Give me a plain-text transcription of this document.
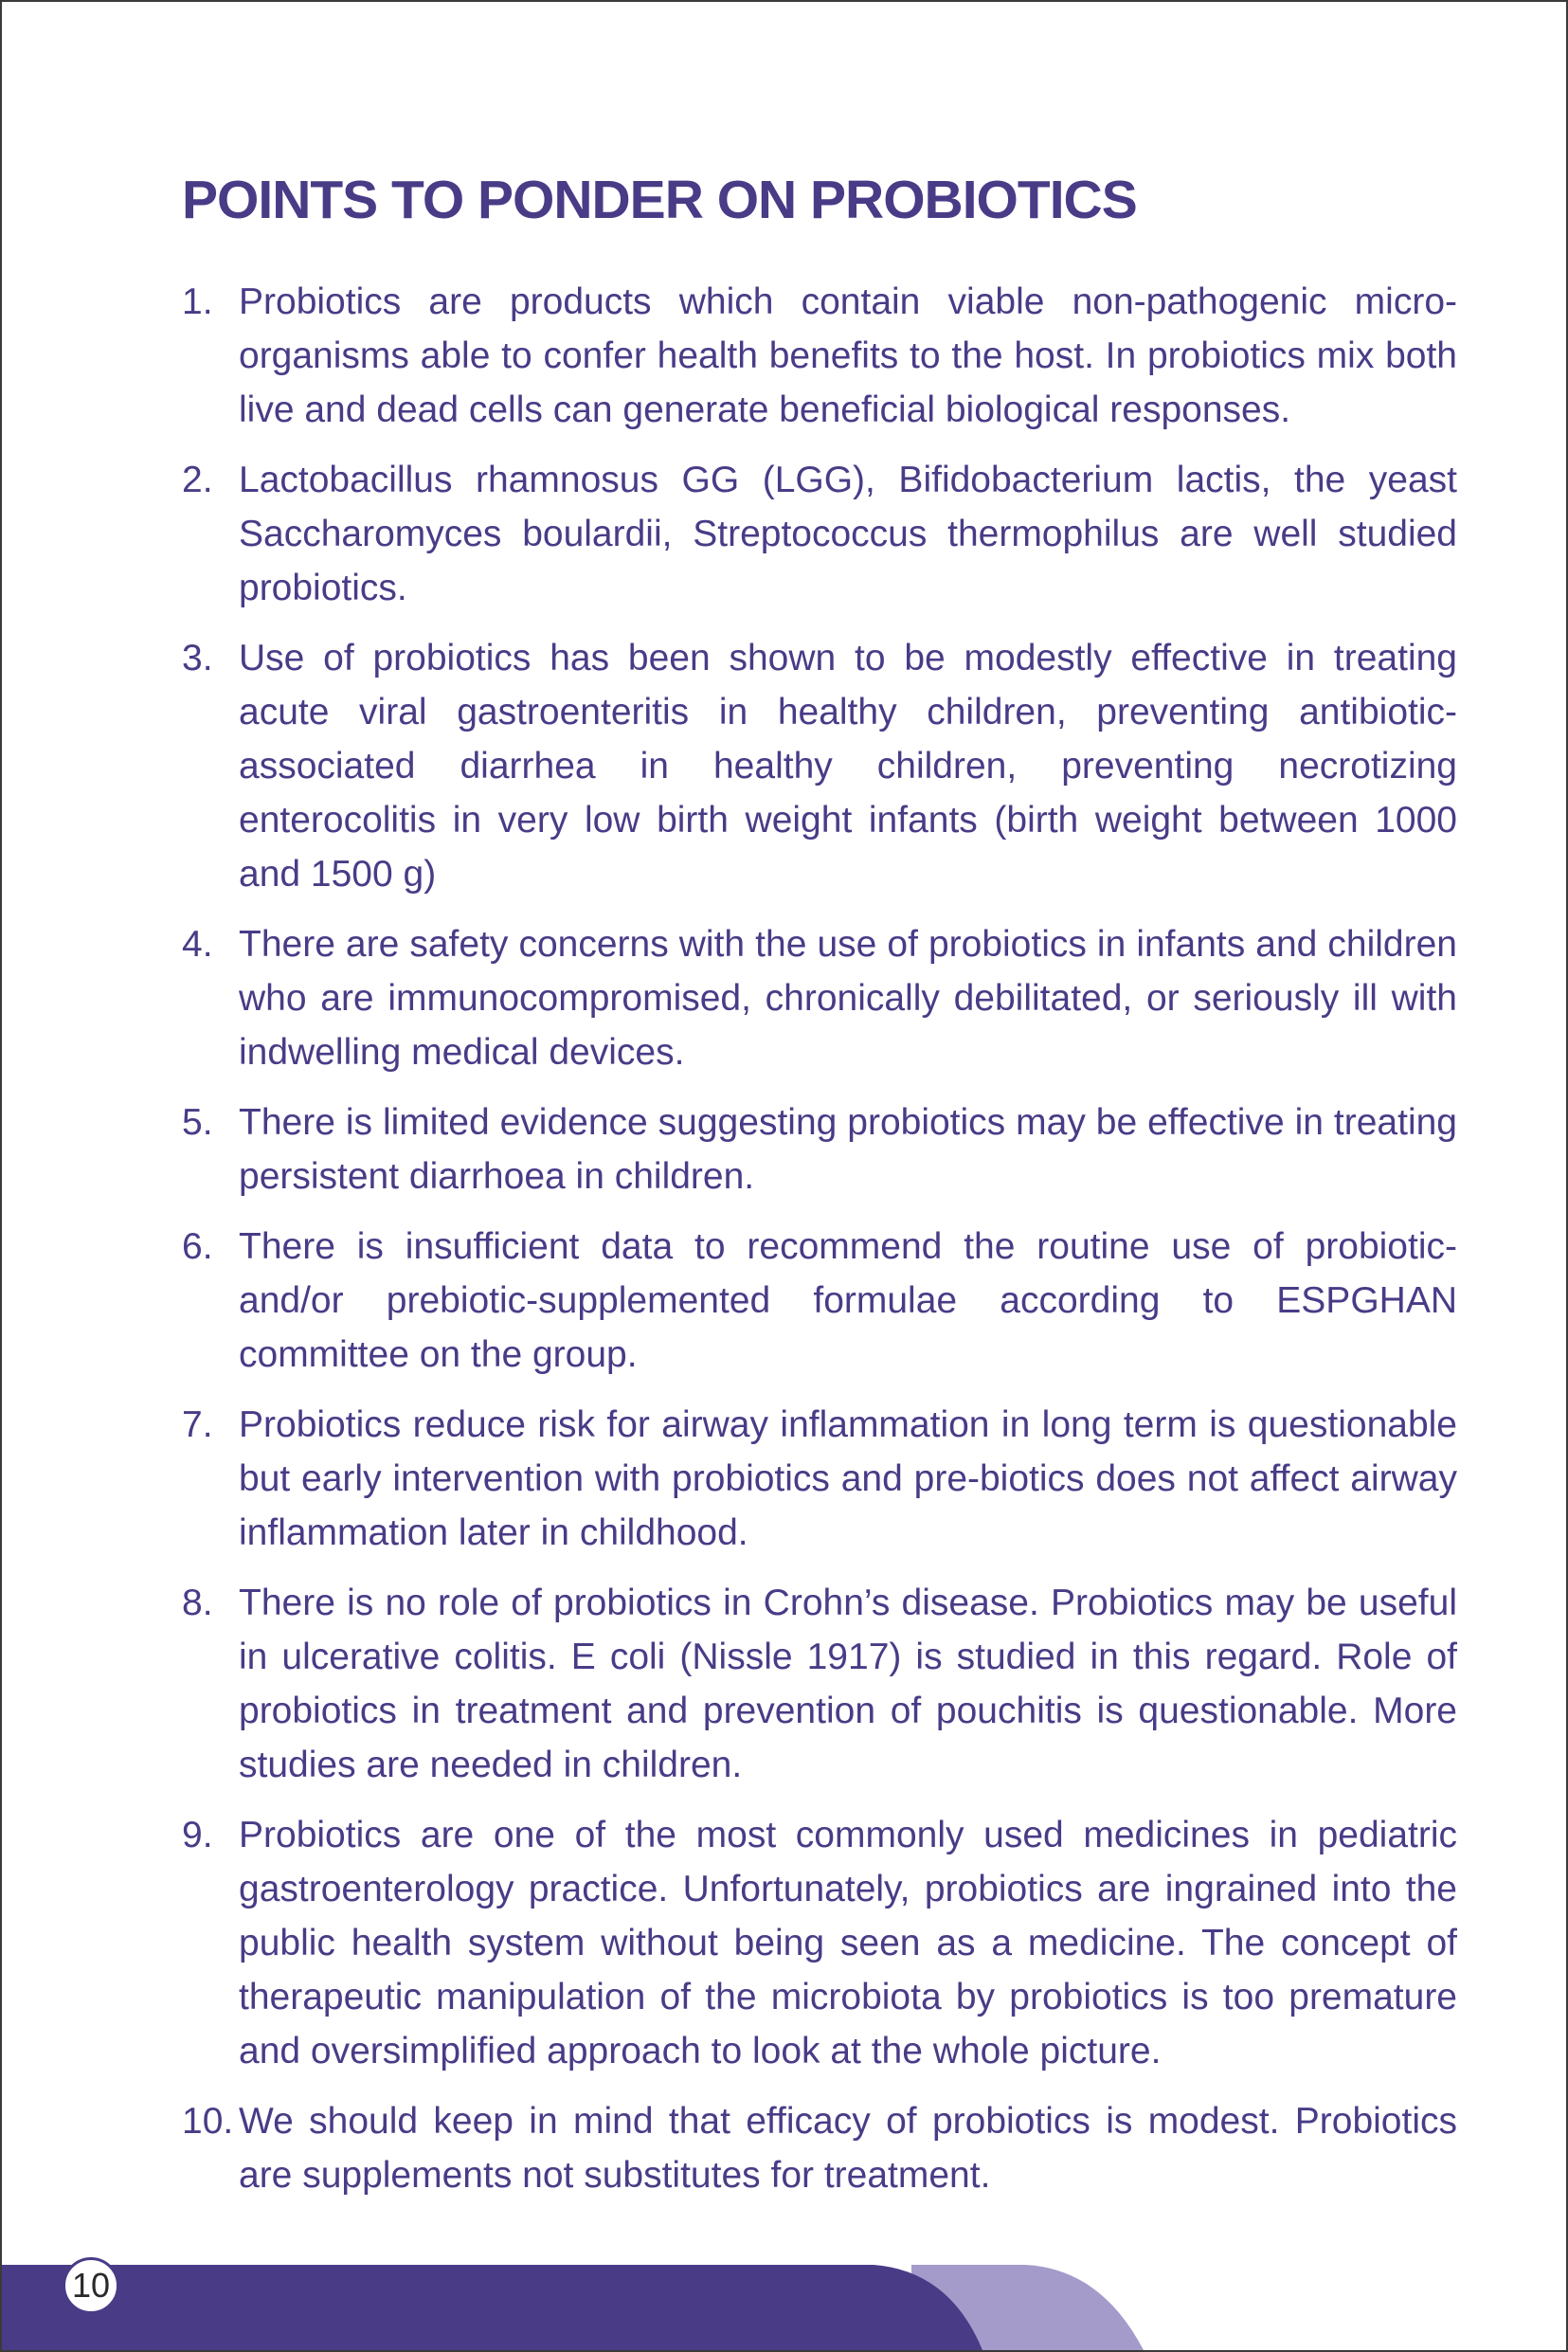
POINTS TO PONDER ON PROBIOTICS
1. Probiotics are products which contain viable non-pathogenic micro-organisms able to confer health benefits to the host. In probiotics mix both live and dead cells can generate beneficial biological responses.
2. Lactobacillus rhamnosus GG (LGG), Bifidobacterium lactis, the yeast Saccharomyces boulardii, Streptococcus thermophilus are well studied probiotics.
3. Use of probiotics has been shown to be modestly effective in treating acute viral gastroenteritis in healthy children, preventing antibiotic-associated diarrhea in healthy children, preventing necrotizing enterocolitis in very low birth weight infants (birth weight between 1000 and 1500 g)
4. There are safety concerns with the use of probiotics in infants and children who are immunocompromised, chronically debilitated, or seriously ill with indwelling medical devices.
5. There is limited evidence suggesting probiotics may be effective in treating persistent diarrhoea in children.
6. There is insufficient data to recommend the routine use of probiotic- and/or prebiotic-supplemented formulae according to ESPGHAN committee on the group.
7. Probiotics reduce risk for airway inflammation in long term is questionable but early intervention with probiotics and pre-biotics does not affect airway inflammation later in childhood.
8. There is no role of probiotics in Crohn’s disease. Probiotics may be useful in ulcerative colitis. E coli (Nissle 1917) is studied in this regard. Role of probiotics in treatment and prevention of pouchitis is questionable. More studies are needed in children.
9. Probiotics are one of the most commonly used medicines in pediatric gastroenterology practice. Unfortunately, probiotics are ingrained into the public health system without being seen as a medicine. The concept of therapeutic manipulation of the microbiota by probiotics is too premature and oversimplified approach to look at the whole picture.
10. We should keep in mind that efficacy of probiotics is modest. Probiotics are supplements not substitutes for treatment.
10
